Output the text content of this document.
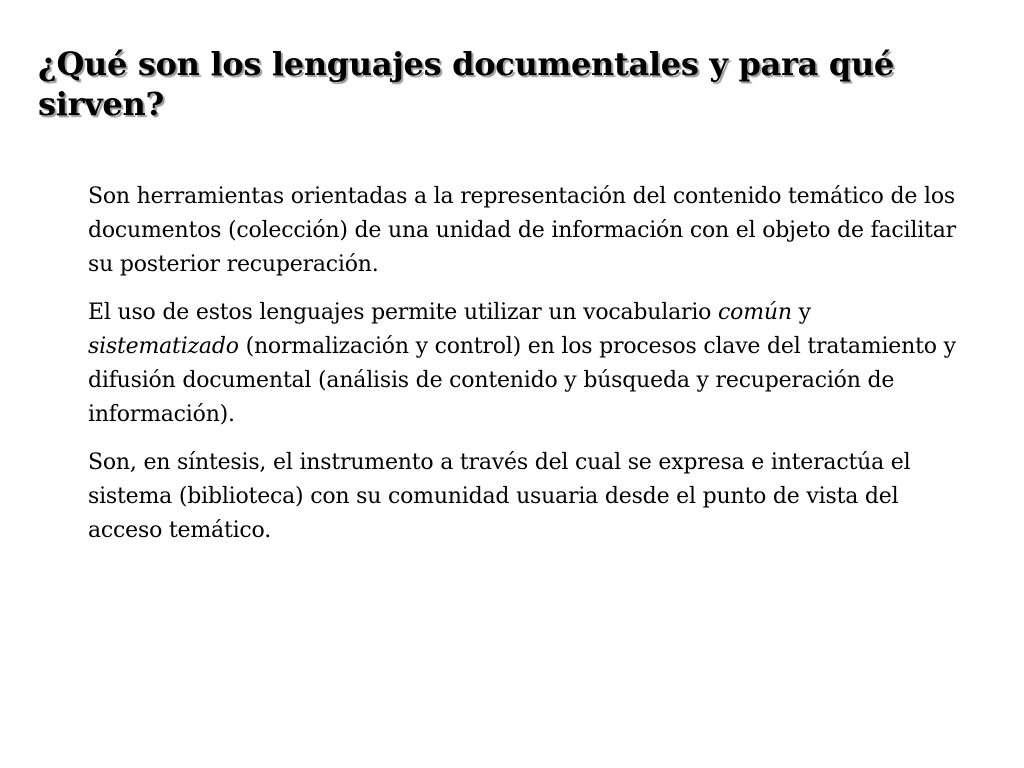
¿Qué son los lenguajes documentales y para qué sirven?

Son herramientas orientadas a la representación del contenido temático de los documentos (colección) de una unidad de información con el objeto de facilitar su posterior recuperación.

El uso de estos lenguajes permite utilizar un vocabulario común y sistematizado (normalización y control) en los procesos clave del tratamiento y difusión documental (análisis de contenido y búsqueda y recuperación de información).

Son, en síntesis, el instrumento a través del cual se expresa e interactúa el sistema (biblioteca) con su comunidad usuaria desde el punto de vista del acceso temático.
